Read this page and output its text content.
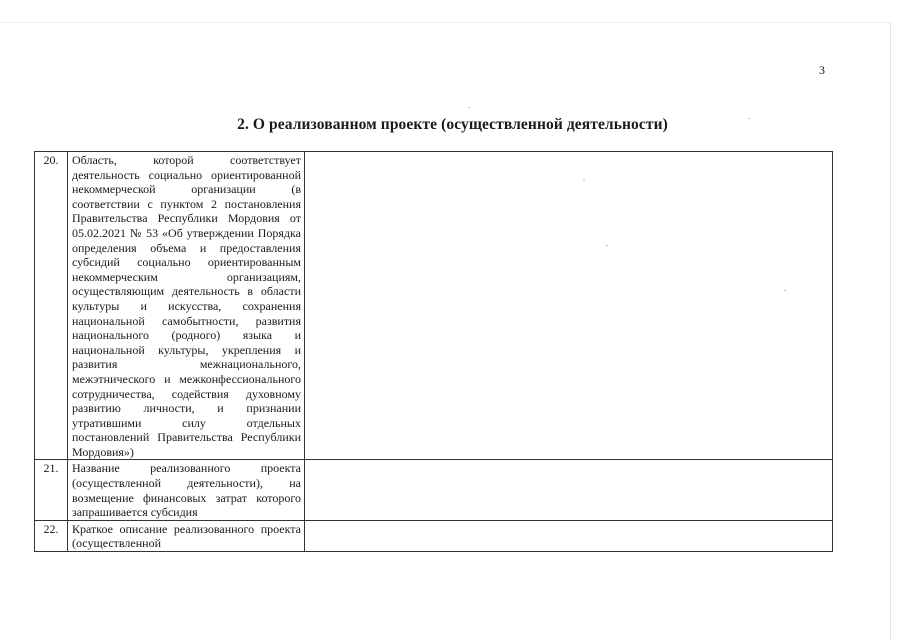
3
2. О реализованном проекте (осуществленной деятельности)
20.	Область, которой соответствует деятельность социально ориентированной некоммерческой организации (в соответствии с пунктом 2 постановления Правительства Республики Мордовия от 05.02.2021 № 53 «Об утверждении Порядка определения объема и предоставления субсидий социально ориентированным некоммерческим организациям, осуществляющим деятельность в области культуры и искусства, сохранения национальной самобытности, развития национального (родного) языка и национальной культуры, укрепления и развития межнационального, межэтнического и межконфессионального сотрудничества, содействия духовному развитию личности, и признании утратившими силу отдельных постановлений Правительства Республики Мордовия»)	
21.	Название реализованного проекта (осуществленной деятельности), на возмещение финансовых затрат которого запрашивается субсидия	
22.	Краткое описание реализованного проекта (осуществленной	
